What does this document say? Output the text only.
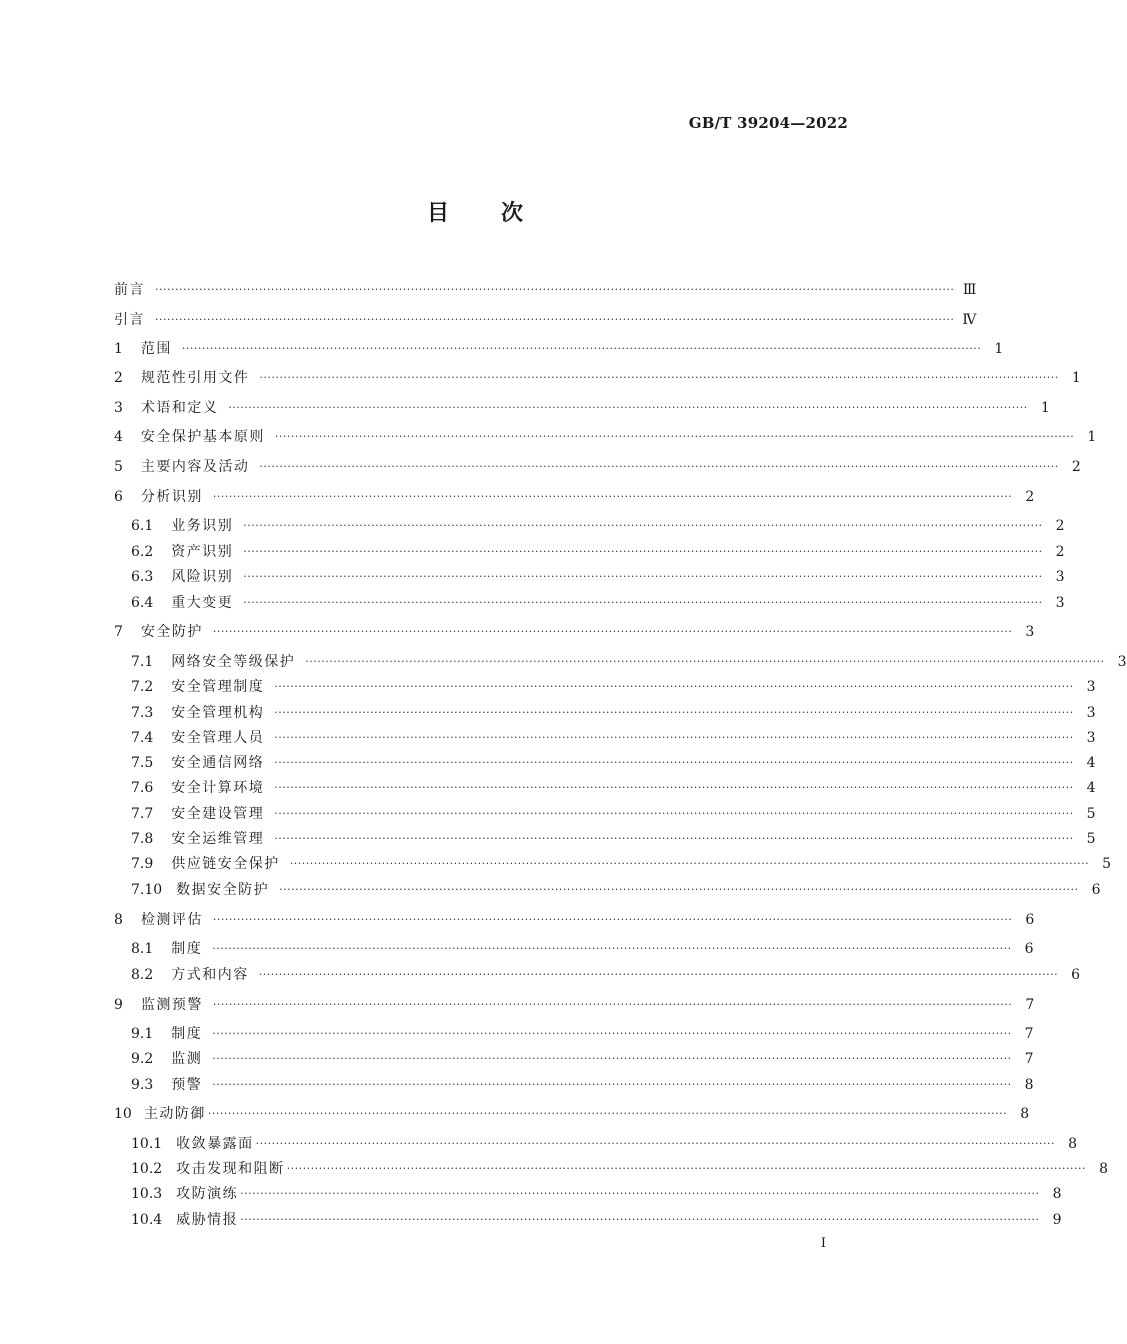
GB/T 39204—2022
目 次
前言 ········································································································································································································ Ⅲ
引言 ········································································································································································································ Ⅳ
1 范围 ········································································································································································································ 1
2 规范性引用文件 ········································································································································································································ 1
3 术语和定义 ········································································································································································································ 1
4 安全保护基本原则 ········································································································································································································ 1
5 主要内容及活动 ········································································································································································································ 2
6 分析识别 ········································································································································································································ 2
6.1 业务识别 ········································································································································································································ 2
6.2 资产识别 ········································································································································································································ 2
6.3 风险识别 ········································································································································································································ 3
6.4 重大变更 ········································································································································································································ 3
7 安全防护 ········································································································································································································ 3
7.1 网络安全等级保护 ········································································································································································································ 3
7.2 安全管理制度 ········································································································································································································ 3
7.3 安全管理机构 ········································································································································································································ 3
7.4 安全管理人员 ········································································································································································································ 3
7.5 安全通信网络 ········································································································································································································ 4
7.6 安全计算环境 ········································································································································································································ 4
7.7 安全建设管理 ········································································································································································································ 5
7.8 安全运维管理 ········································································································································································································ 5
7.9 供应链安全保护 ········································································································································································································ 5
7.10 数据安全防护 ········································································································································································································ 6
8 检测评估 ········································································································································································································ 6
8.1 制度 ········································································································································································································ 6
8.2 方式和内容 ········································································································································································································ 6
9 监测预警 ········································································································································································································ 7
9.1 制度 ········································································································································································································ 7
9.2 监测 ········································································································································································································ 7
9.3 预警 ········································································································································································································ 8
10 主动防御 ········································································································································································································ 8
10.1 收敛暴露面 ········································································································································································································ 8
10.2 攻击发现和阻断 ········································································································································································································ 8
10.3 攻防演练 ········································································································································································································ 8
10.4 威胁情报 ········································································································································································································ 9
I
